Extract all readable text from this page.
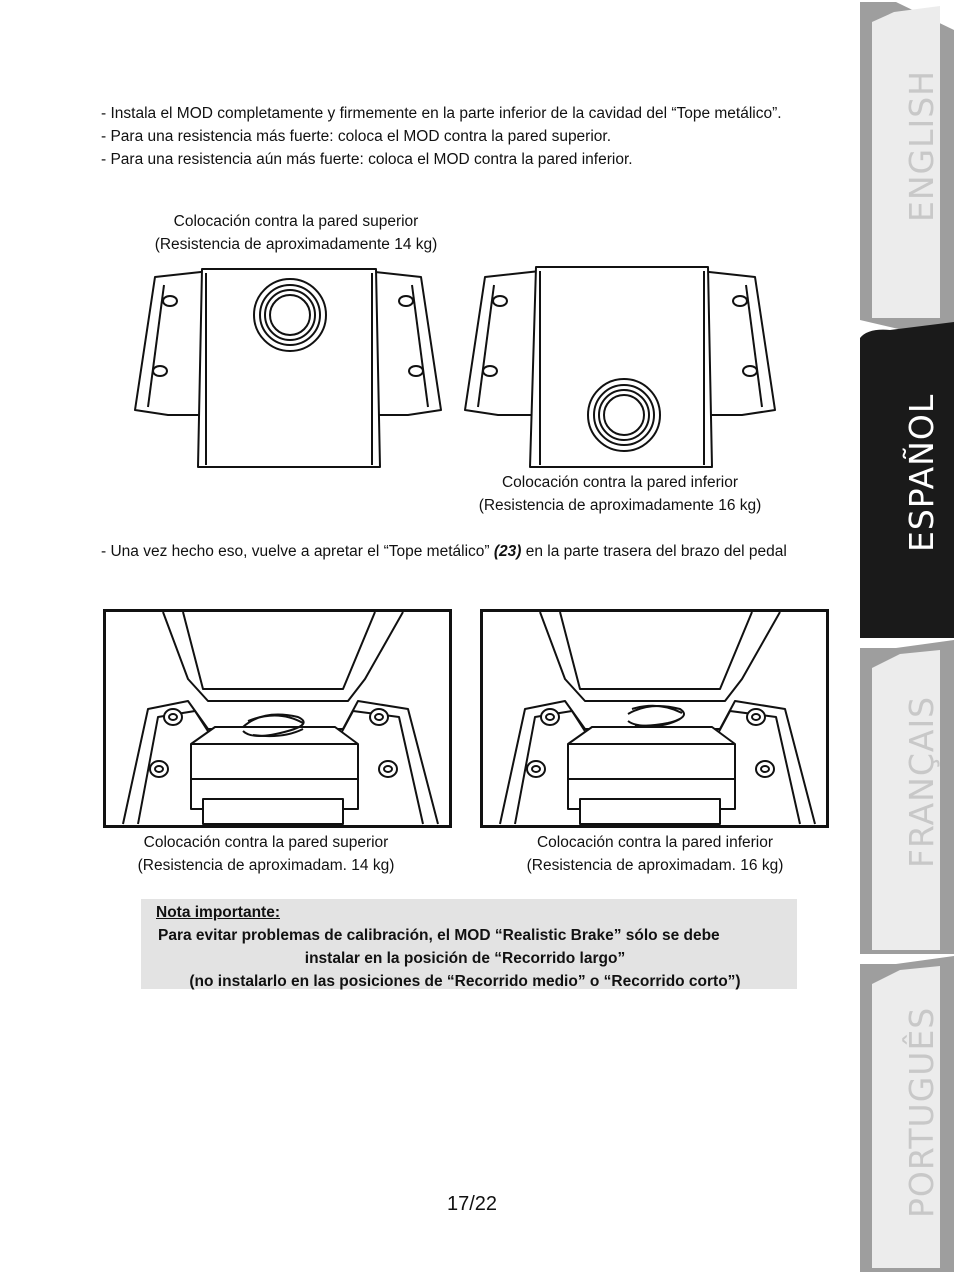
- Instala el MOD completamente y firmemente en la parte inferior de la cavidad del “Tope metálico”.
- Para una resistencia más fuerte: coloca el MOD contra la pared superior.
- Para una resistencia aún más fuerte: coloca el MOD contra la pared inferior.
Colocación contra la pared superior
(Resistencia de aproximadamente 14 kg)
Colocación contra la pared inferior
(Resistencia de aproximadamente 16 kg)
- Una vez hecho eso, vuelve a apretar el “Tope metálico” (23) en la parte trasera del brazo del pedal
Colocación contra la pared superior
(Resistencia de aproximadam. 14 kg)
Colocación contra la pared inferior
(Resistencia de aproximadam. 16 kg)
Nota importante:
Para evitar problemas de calibración, el MOD “Realistic Brake” sólo se debe
instalar en la posición de “Recorrido largo”
(no instalarlo en las posiciones de “Recorrido medio” o “Recorrido corto”)
17/22
ENGLISH
ESPAÑOL
FRANÇAIS
PORTUGUÊS
